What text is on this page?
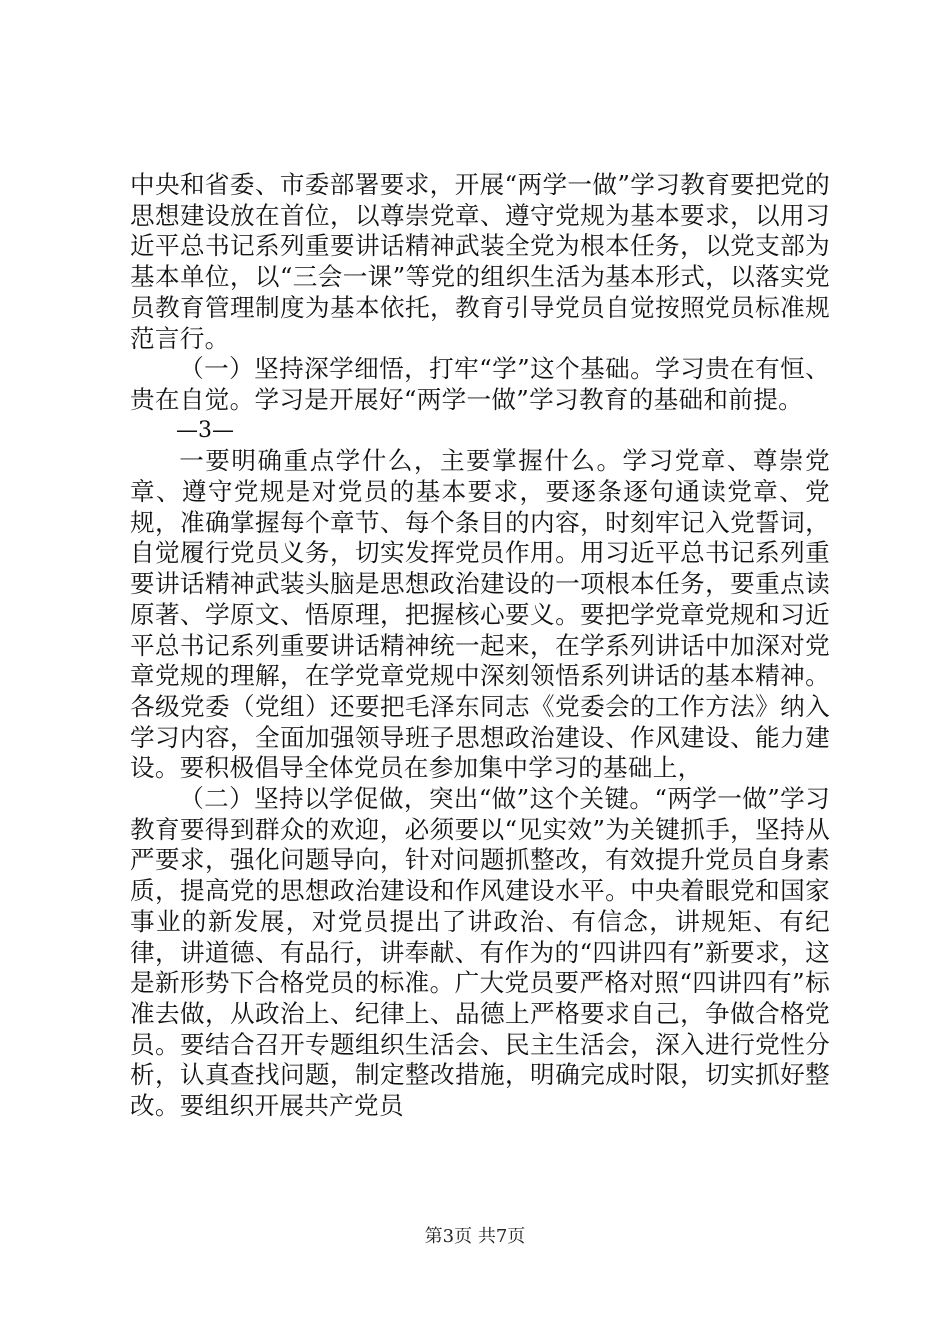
中央和省委、市委部署要求，开展“两学一做”学习教育要把党的思想建设放在首位，以尊崇党章、遵守党规为基本要求，以用习近平总书记系列重要讲话精神武装全党为根本任务，以党支部为基本单位，以“三会一课”等党的组织生活为基本形式，以落实党员教育管理制度为基本依托，教育引导党员自觉按照党员标准规范言行。

（一）坚持深学细悟，打牢“学”这个基础。学习贵在有恒、贵在自觉。学习是开展好“两学一做”学习教育的基础和前提。

—3—

一要明确重点学什么，主要掌握什么。学习党章、尊崇党章、遵守党规是对党员的基本要求，要逐条逐句通读党章、党规，准确掌握每个章节、每个条目的内容，时刻牢记入党誓词，自觉履行党员义务，切实发挥党员作用。用习近平总书记系列重要讲话精神武装头脑是思想政治建设的一项根本任务，要重点读原著、学原文、悟原理，把握核心要义。要把学党章党规和习近平总书记系列重要讲话精神统一起来，在学系列讲话中加深对党章党规的理解，在学党章党规中深刻领悟系列讲话的基本精神。各级党委（党组）还要把毛泽东同志《党委会的工作方法》纳入学习内容，全面加强领导班子思想政治建设、作风建设、能力建设。要积极倡导全体党员在参加集中学习的基础上，

（二）坚持以学促做，突出“做”这个关键。“两学一做”学习教育要得到群众的欢迎，必须要以“见实效”为关键抓手，坚持从严要求，强化问题导向，针对问题抓整改，有效提升党员自身素质，提高党的思想政治建设和作风建设水平。中央着眼党和国家事业的新发展，对党员提出了讲政治、有信念，讲规矩、有纪律，讲道德、有品行，讲奉献、有作为的“四讲四有”新要求，这是新形势下合格党员的标准。广大党员要严格对照“四讲四有”标准去做，从政治上、纪律上、品德上严格要求自己，争做合格党员。要结合召开专题组织生活会、民主生活会，深入进行党性分析，认真查找问题，制定整改措施，明确完成时限，切实抓好整改。要组织开展共产党员

第3页 共7页
